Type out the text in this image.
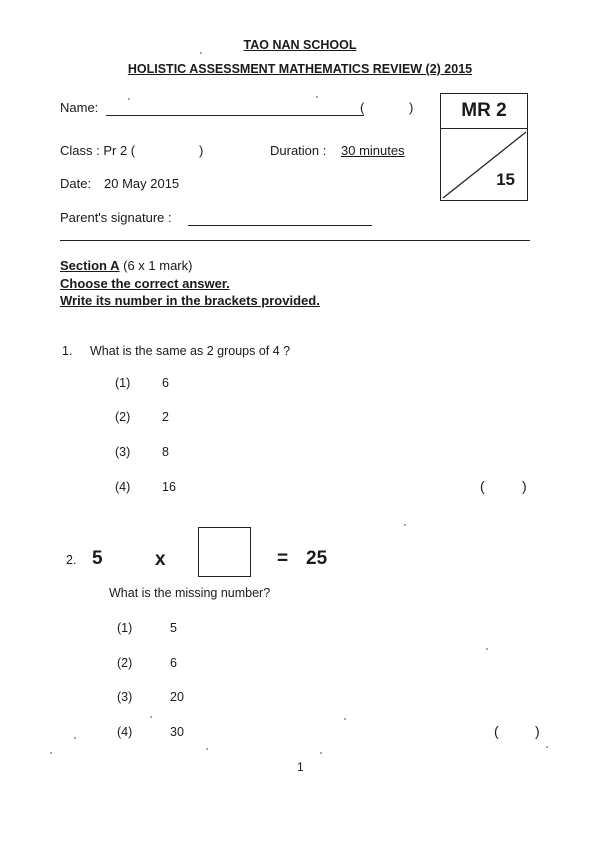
TAO NAN SCHOOL
HOLISTIC ASSESSMENT MATHEMATICS REVIEW (2) 2015
Name:	(	)
Class : Pr 2 (	)	Duration : 30 minutes
Date: 20 May 2015
Parent's signature :
MR 2
15
Section A (6 x 1 mark)
Choose the correct answer.
Write its number in the brackets provided.
1. What is the same as 2 groups of 4 ?
(1)	6
(2)	2
(3)	8
(4)	16	(	)
2. 5	x	= 25
What is the missing number?
(1)	5
(2)	6
(3)	20
(4)	30	(	)
1
